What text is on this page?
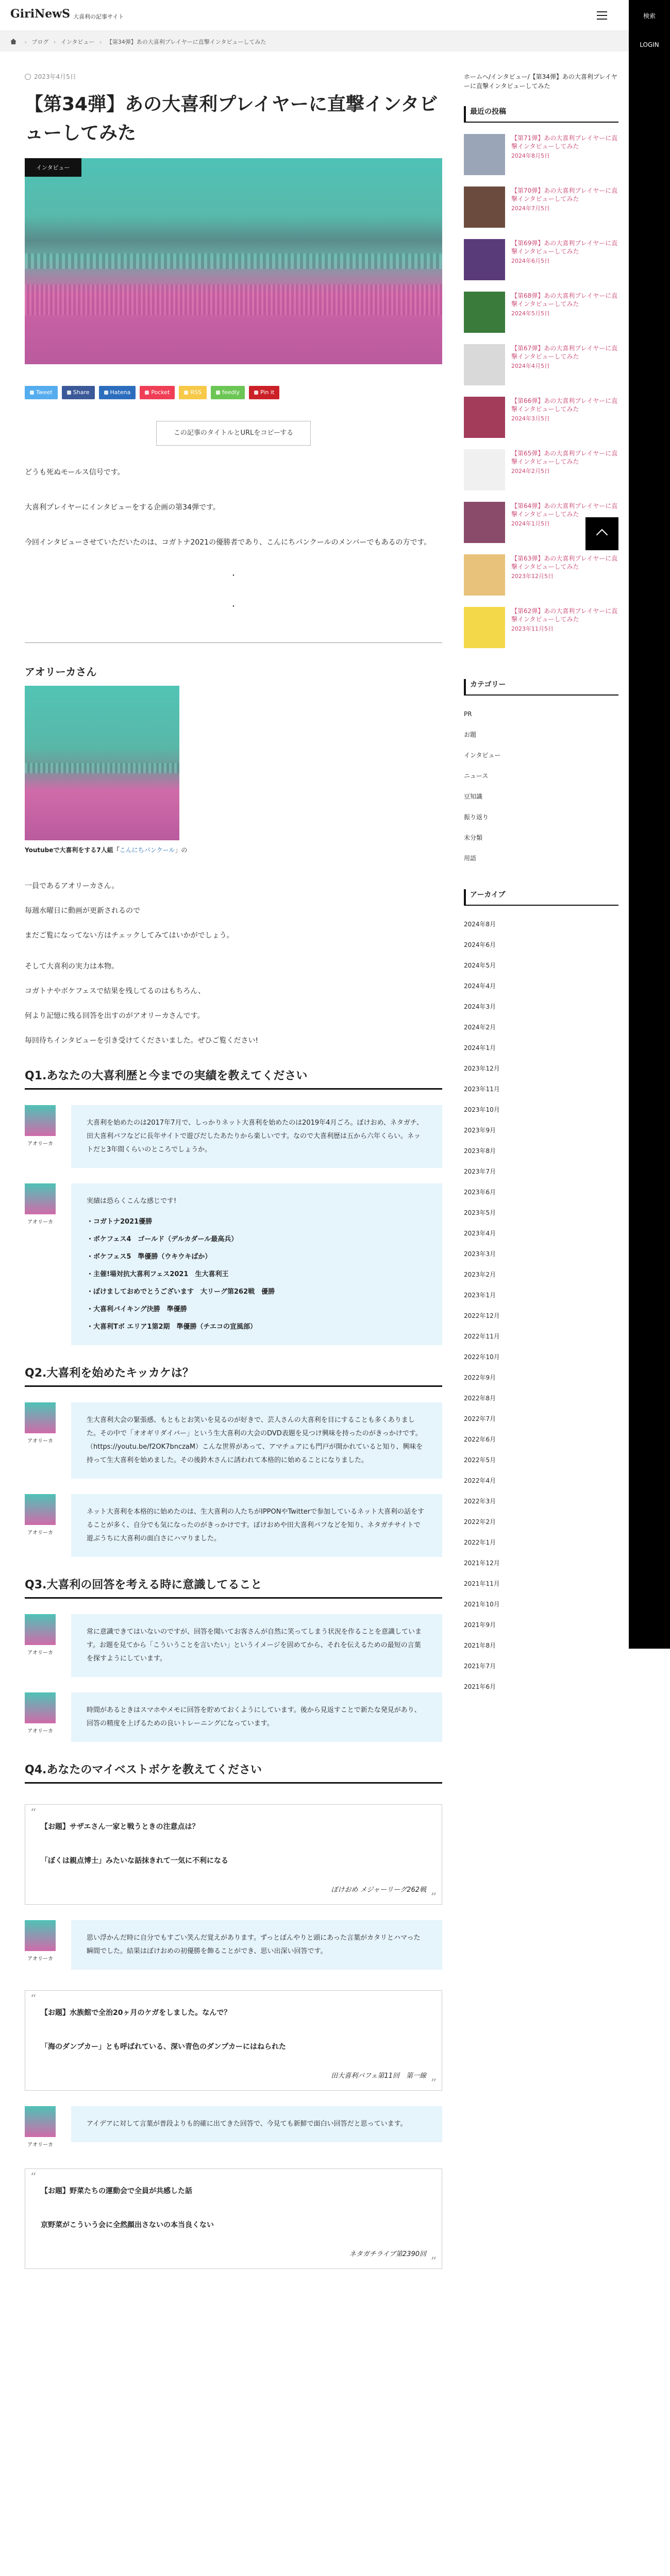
GiriNewS 大喜利の記事サイト	検索
LOGIN
› ブログ › インタビュー › 【第34弾】あの大喜利プレイヤーに直撃インタビューしてみた
2023年4月5日
【第34弾】あの大喜利プレイヤーに直撃インタビューしてみた
インタビュー
Tweet	Share	Hatena	Pocket	RSS	feedly	Pin it
この記事のタイトルとURLをコピーする

どうも死ぬモールス信号です。

大喜利プレイヤーにインタビューをする企画の第34弾です。

今回インタビューさせていただいたのは、コガトナ2021の優勝者であり、こんにちパンクールのメンバーでもあるの方です。

・
・
アオリーカさん
Youtubeで大喜利をする7人組「こんにちパンクール」の

一員であるアオリーカさん。

毎週水曜日に動画が更新されるので

まだご覧になってない方はチェックしてみてはいかがでしょう。

そして大喜利の実力は本物。

コガトナやボケフェスで結果を残してるのはもちろん、

何より記憶に残る回答を出すのがアオリーカさんです。

毎回待ちインタビューを引き受けてくださいました。ぜひご覧ください!

Q1.あなたの大喜利歴と今までの実績を教えてください
アオリーカ
大喜利を始めたのは2017年7月で、しっかりネット大喜利を始めたのは2019年4月ごろ。ぼけおめ、ネタガチ、田大喜利バフなどに長年サイトで遊びだしたあたりから楽しいです。なので大喜利歴は五から六年くらい。ネットだと3年間くらいのところでしょうか。
アオリーカ
実績は恐らくこんな感じです!
・コガトナ2021優勝
・ボケフェス4　ゴールド（デルカダール最高兵）
・ボケフェス5　準優勝（ウキウキばか）
・主催!場対抗大喜利フェス2021　生大喜利王
・ぼけましておめでとうございます　大リーグ第262戦　優勝
・大喜利バイキング決勝　準優勝
・大喜利Tボ エリア1第2期　準優勝（チエコの宣風部）
Q2.大喜利を始めたキッカケは？
アオリーカ
生大喜利大会の緊張感、もともとお笑いを見るのが好きで、芸人さんの大喜利を目にすることも多くありました。その中で「オオギリダイバー」という生大喜利の大会のDVD表題を見つけ興味を持ったのがきっかけです。（https://youtu.be/f2OK7bnczaM）こんな世界があって、アマチュアにも門戸が開かれていると知り、興味を持って生大喜利を始めました。その後鈴木さんに誘われて本格的に始めることになりました。
アオリーカ
ネット大喜利を本格的に始めたのは、生大喜利の人たちがIPPONやTwitterで参加しているネット大喜利の話をすることが多く、自分でも気になったのがきっかけです。ぼけおめや田大喜利バフなどを知り、ネタガチサイトで遊ぶうちに大喜利の面白さにハマりました。
Q3.大喜利の回答を考える時に意識してること
アオリーカ
常に意識できてはいないのですが、回答を聞いてお客さんが自然に笑ってしまう状況を作ることを意識しています。お題を見てから「こういうことを言いたい」というイメージを固めてから、それを伝えるための最短の言葉を探すようにしています。
アオリーカ
時間があるときはスマホやメモに回答を貯めておくようにしています。後から見返すことで新たな発見があり、回答の精度を上げるための良いトレーニングになっています。
Q4.あなたのマイベストボケを教えてください
“
”
【お題】サザエさん一家と戦うときの注意点は？
「ぼくは親点博士」みたいな話抹きれて一気に不利になる
ぼけおめ メジャーリーグ262戦
アオリーカ
思い浮かんだ時に自分でもすごい笑んだ覚えがあります。ずっとぼんやりと頭にあった言葉がカタリとハマった瞬間でした。結果はぼけおめの初優勝を飾ることができ、思い出深い回答です。
“
”
【お題】水族館で全治20ヶ月のケガをしました。なんで？
「海のダンプカー」とも呼ばれている、深い青色のダンプカーにはねられた
田大喜利バフェ第11回　第一線
アオリーカ
アイデアに対して言葉が普段よりも的確に出てきた回答で、今見ても新鮮で面白い回答だと思っています。
“
”
【お題】野菜たちの運動会で全員が共感した話
京野菜がこういう会に全然顔出さないの本当良くない
ネタガチライブ第2390回
ホームへ/インタビュー/【第34弾】あの大喜利プレイヤーに直撃インタビューしてみた
最近の投稿
【第71弾】あの大喜利プレイヤーに直撃インタビューしてみた
2024年8月5日
【第70弾】あの大喜利プレイヤーに直撃インタビューしてみた
2024年7月5日
【第69弾】あの大喜利プレイヤーに直撃インタビューしてみた
2024年6月5日
【第68弾】あの大喜利プレイヤーに直撃インタビューしてみた
2024年5月5日
【第67弾】あの大喜利プレイヤーに直撃インタビューしてみた
2024年4月5日
【第66弾】あの大喜利プレイヤーに直撃インタビューしてみた
2024年3月5日
【第65弾】あの大喜利プレイヤーに直撃インタビューしてみた
2024年2月5日
【第64弾】あの大喜利プレイヤーに直撃インタビューしてみた
2024年1月5日
【第63弾】あの大喜利プレイヤーに直撃インタビューしてみた
2023年12月5日
【第62弾】あの大喜利プレイヤーに直撃インタビューしてみた
2023年11月5日
カテゴリー
PR
お題
インタビュー
ニュース
豆知識
振り返り
未分類
用語
アーカイブ
2024年8月
2024年6月
2024年5月
2024年4月
2024年3月
2024年2月
2024年1月
2023年12月
2023年11月
2023年10月
2023年9月
2023年8月
2023年7月
2023年6月
2023年5月
2023年4月
2023年3月
2023年2月
2023年1月
2022年12月
2022年11月
2022年10月
2022年9月
2022年8月
2022年7月
2022年6月
2022年5月
2022年4月
2022年3月
2022年2月
2022年1月
2021年12月
2021年11月
2021年10月
2021年9月
2021年8月
2021年7月
2021年6月
